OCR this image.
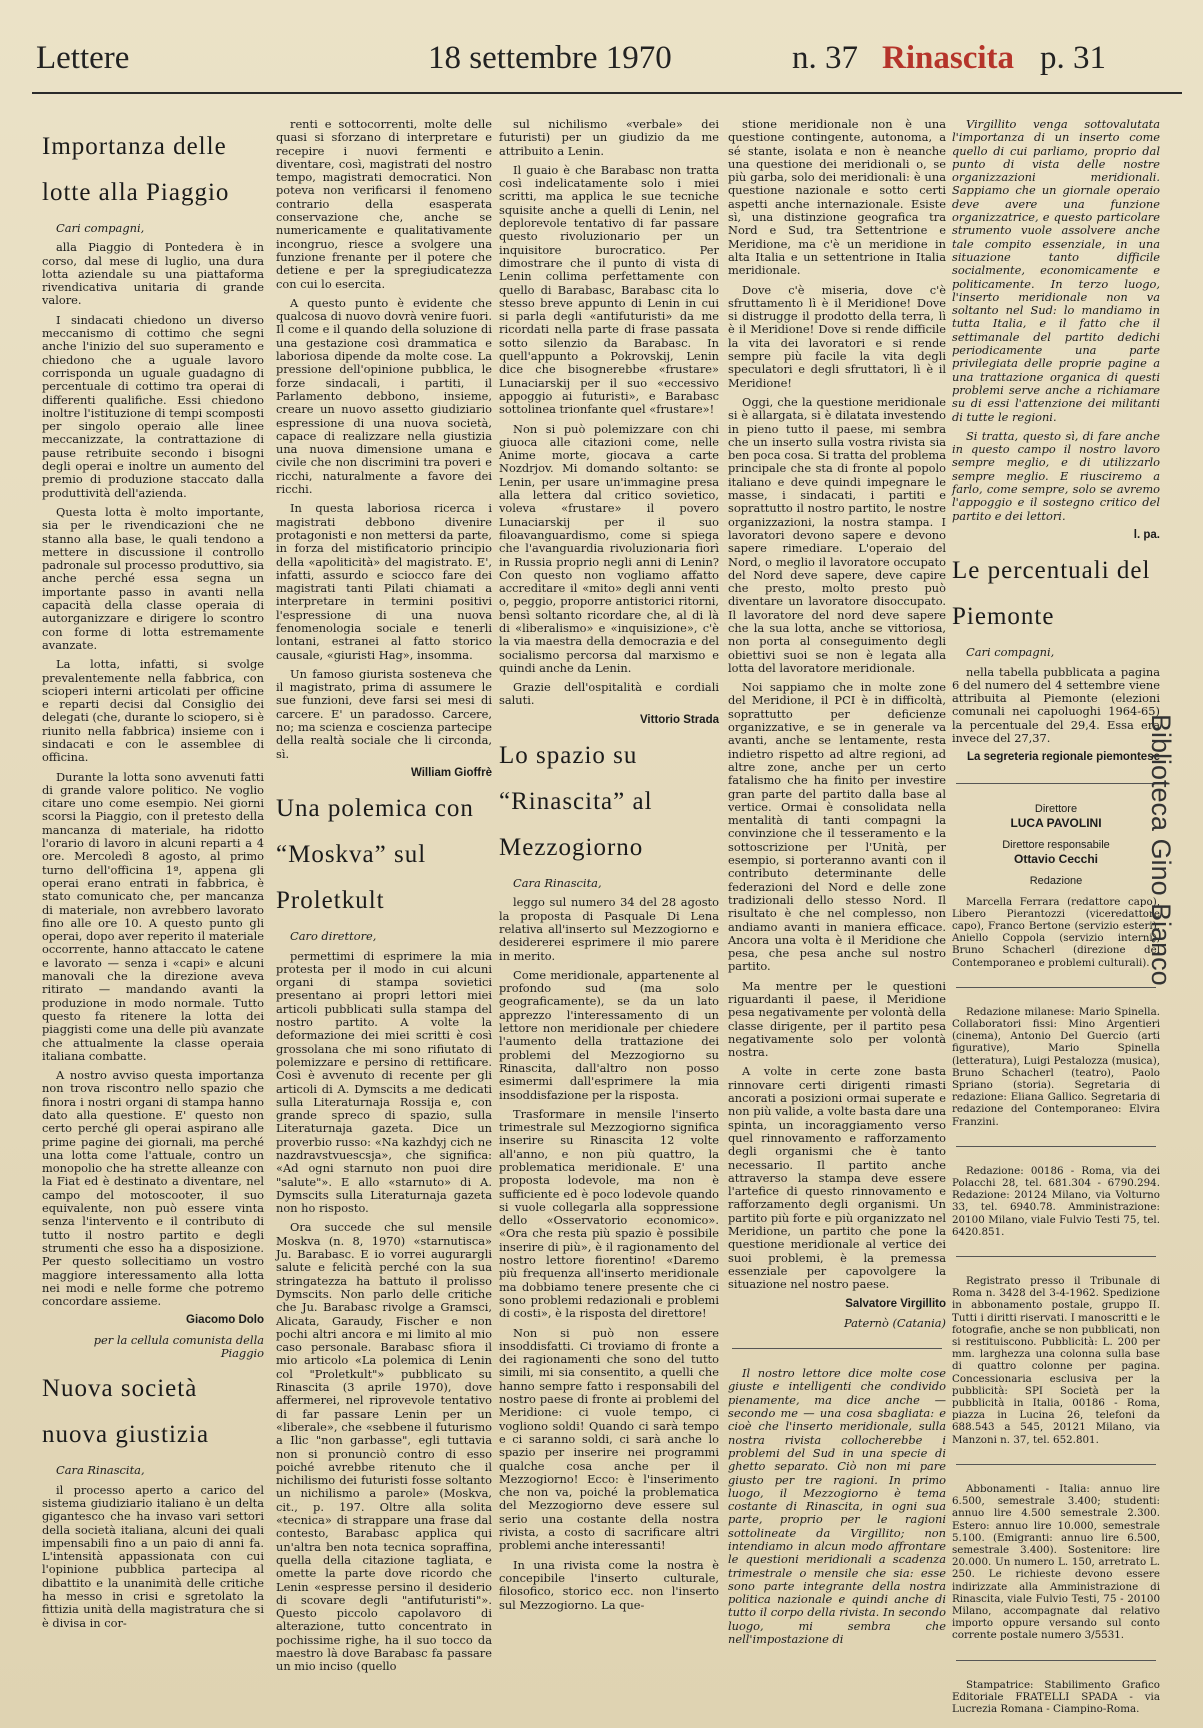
Lettere	18 settembre 1970	n. 37 Rinascita p. 31
Importanza delle lotte alla Piaggio

Cari compagni,

alla Piaggio di Pontedera è in corso, dal mese di luglio, una dura lotta aziendale su una piattaforma rivendicativa unitaria di grande valore.

I sindacati chiedono un diverso meccanismo di cottimo che segni anche l'inizio del suo superamento e chiedono che a uguale lavoro corrisponda un uguale guadagno di percentuale di cottimo tra operai di differenti qualifiche. Essi chiedono inoltre l'istituzione di tempi scomposti per singolo operaio alle linee meccanizzate, la contrattazione di pause retribuite secondo i bisogni degli operai e inoltre un aumento del premio di produzione staccato dalla produttività dell'azienda.

Questa lotta è molto importante, sia per le rivendicazioni che ne stanno alla base, le quali tendono a mettere in discussione il controllo padronale sul processo produttivo, sia anche perché essa segna un importante passo in avanti nella capacità della classe operaia di autorganizzare e dirigere lo scontro con forme di lotta estremamente avanzate.

La lotta, infatti, si svolge prevalentemente nella fabbrica, con scioperi interni articolati per officine e reparti decisi dal Consiglio dei delegati (che, durante lo sciopero, si è riunito nella fabbrica) insieme con i sindacati e con le assemblee di officina.

Durante la lotta sono avvenuti fatti di grande valore politico. Ne voglio citare uno come esempio. Nei giorni scorsi la Piaggio, con il pretesto della mancanza di materiale, ha ridotto l'orario di lavoro in alcuni reparti a 4 ore. Mercoledì 8 agosto, al primo turno dell'officina 1ª, appena gli operai erano entrati in fabbrica, è stato comunicato che, per mancanza di materiale, non avrebbero lavorato fino alle ore 10. A questo punto gli operai, dopo aver reperito il materiale occorrente, hanno attaccato le catene e lavorato — senza i «capi» e alcuni manovali che la direzione aveva ritirato — mandando avanti la produzione in modo normale. Tutto questo fa ritenere la lotta dei piaggisti come una delle più avanzate che attualmente la classe operaia italiana combatte.

A nostro avviso questa importanza non trova riscontro nello spazio che finora i nostri organi di stampa hanno dato alla questione. E' questo non certo perché gli operai aspirano alle prime pagine dei giornali, ma perché una lotta come l'attuale, contro un monopolio che ha strette alleanze con la Fiat ed è destinato a diventare, nel campo del motoscooter, il suo equivalente, non può essere vinta senza l'intervento e il contributo di tutto il nostro partito e degli strumenti che esso ha a disposizione. Per questo sollecitiamo un vostro maggiore interessamento alla lotta nei modi e nelle forme che potremo concordare assieme.

Giacomo Dolo

per la cellula comunista della Piaggio

Nuova società nuova giustizia

Cara Rinascita,

il processo aperto a carico del sistema giudiziario italiano è un delta gigantesco che ha invaso vari settori della società italiana, alcuni dei quali impensabili fino a un paio di anni fa. L'intensità appassionata con cui l'opinione pubblica partecipa al dibattito e la unanimità delle critiche ha messo in crisi e sgretolato la fittizia unità della magistratura che si è divisa in cor-

renti e sottocorrenti, molte delle quasi si sforzano di interpretare e recepire i nuovi fermenti e diventare, così, magistrati del nostro tempo, magistrati democratici. Non poteva non verificarsi il fenomeno contrario della esasperata conservazione che, anche se numericamente e qualitativamente incongruo, riesce a svolgere una funzione frenante per il potere che detiene e per la spregiudicatezza con cui lo esercita.

A questo punto è evidente che qualcosa di nuovo dovrà venire fuori. Il come e il quando della soluzione di una gestazione così drammatica e laboriosa dipende da molte cose. La pressione dell'opinione pubblica, le forze sindacali, i partiti, il Parlamento debbono, insieme, creare un nuovo assetto giudiziario espressione di una nuova società, capace di realizzare nella giustizia una nuova dimensione umana e civile che non discrimini tra poveri e ricchi, naturalmente a favore dei ricchi.

In questa laboriosa ricerca i magistrati debbono divenire protagonisti e non mettersi da parte, in forza del mistificatorio principio della «apoliticità» del magistrato. E', infatti, assurdo e sciocco fare dei magistrati tanti Pilati chiamati a interpretare in termini positivi l'espressione di una nuova fenomenologia sociale e tenerli lontani, estranei al fatto storico causale, «giuristi Hag», insomma.

Un famoso giurista sosteneva che il magistrato, prima di assumere le sue funzioni, deve farsi sei mesi di carcere. E' un paradosso. Carcere, no; ma scienza e coscienza partecipe della realtà sociale che li circonda, sì.

William Gioffrè

Una polemica con “Moskva” sul Proletkult

Caro direttore,

permettimi di esprimere la mia protesta per il modo in cui alcuni organi di stampa sovietici presentano ai propri lettori miei articoli pubblicati sulla stampa del nostro partito. A volte la deformazione dei miei scritti è così grossolana che mi sono rifiutato di polemizzare e persino di rettificare. Così è avvenuto di recente per gli articoli di A. Dymscits a me dedicati sulla Literaturnaja Rossija e, con grande spreco di spazio, sulla Literaturnaja gazeta. Dice un proverbio russo: «Na kazhdyj cich ne nazdravstvuescsja», che significa: «Ad ogni starnuto non puoi dire "salute"». E allo «starnuto» di A. Dymscits sulla Literaturnaja gazeta non ho risposto.

Ora succede che sul mensile Moskva (n. 8, 1970) «starnutisca» Ju. Barabasc. E io vorrei augurargli salute e felicità perché con la sua stringatezza ha battuto il prolisso Dymscits. Non parlo delle critiche che Ju. Barabasc rivolge a Gramsci, Alicata, Garaudy, Fischer e non pochi altri ancora e mi limito al mio caso personale. Barabasc sfiora il mio articolo «La polemica di Lenin col "Proletkult"» pubblicato su Rinascita (3 aprile 1970), dove affermerei, nel riprovevole tentativo di far passare Lenin per un «liberale», che «sebbene il futurismo a Ilic "non garbasse", egli tuttavia non si pronunciò contro di esso poiché avrebbe ritenuto che il nichilismo dei futuristi fosse soltanto un nichilismo a parole» (Moskva, cit., p. 197. Oltre alla solita «tecnica» di strappare una frase dal contesto, Barabasc applica qui un'altra ben nota tecnica sopraffina, quella della citazione tagliata, e omette la parte dove ricordo che Lenin «espresse persino il desiderio di scovare degli "antifuturisti"». Questo piccolo capolavoro di alterazione, tutto concentrato in pochissime righe, ha il suo tocco da maestro là dove Barabasc fa passare un mio inciso (quello

sul nichilismo «verbale» dei futuristi) per un giudizio da me attribuito a Lenin.

Il guaio è che Barabasc non tratta così indelicatamente solo i miei scritti, ma applica le sue tecniche squisite anche a quelli di Lenin, nel deplorevole tentativo di far passare questo rivoluzionario per un inquisitore burocratico. Per dimostrare che il punto di vista di Lenin collima perfettamente con quello di Barabasc, Barabasc cita lo stesso breve appunto di Lenin in cui si parla degli «antifuturisti» da me ricordati nella parte di frase passata sotto silenzio da Barabasc. In quell'appunto a Pokrovskij, Lenin dice che bisognerebbe «frustare» Lunaciarskij per il suo «eccessivo appoggio ai futuristi», e Barabasc sottolinea trionfante quel «frustare»!

Non si può polemizzare con chi giuoca alle citazioni come, nelle Anime morte, giocava a carte Nozdrjov. Mi domando soltanto: se Lenin, per usare un'immagine presa alla lettera dal critico sovietico, voleva «frustare» il povero Lunaciarskij per il suo filoavanguardismo, come si spiega che l'avanguardia rivoluzionaria fiorì in Russia proprio negli anni di Lenin? Con questo non vogliamo affatto accreditare il «mito» degli anni venti o, peggio, proporre antistorici ritorni, bensì soltanto ricordare che, al di là di «liberalismo» e «inquisizione», c'è la via maestra della democrazia e del socialismo percorsa dal marxismo e quindi anche da Lenin.

Grazie dell'ospitalità e cordiali saluti.

Vittorio Strada

Lo spazio su “Rinascita” al Mezzogiorno

Cara Rinascita,

leggo sul numero 34 del 28 agosto la proposta di Pasquale Di Lena relativa all'inserto sul Mezzogiorno e desidererei esprimere il mio parere in merito.

Come meridionale, appartenente al profondo sud (ma solo geograficamente), se da un lato apprezzo l'interessamento di un lettore non meridionale per chiedere l'aumento della trattazione dei problemi del Mezzogiorno su Rinascita, dall'altro non posso esimermi dall'esprimere la mia insoddisfazione per la risposta.

Trasformare in mensile l'inserto trimestrale sul Mezzogiorno significa inserire su Rinascita 12 volte all'anno, e non più quattro, la problematica meridionale. E' una proposta lodevole, ma non è sufficiente ed è poco lodevole quando si vuole collegarla alla soppressione dello «Osservatorio economico». «Ora che resta più spazio è possibile inserire di più», è il ragionamento del nostro lettore fiorentino! «Daremo più frequenza all'inserto meridionale ma dobbiamo tenere presente che ci sono problemi redazionali e problemi di costi», è la risposta del direttore!

Non si può non essere insoddisfatti. Ci troviamo di fronte a dei ragionamenti che sono del tutto simili, mi sia consentito, a quelli che hanno sempre fatto i responsabili del nostro paese di fronte ai problemi del Meridione: ci vuole tempo, ci vogliono soldi! Quando ci sarà tempo e ci saranno soldi, ci sarà anche lo spazio per inserire nei programmi qualche cosa anche per il Mezzogiorno! Ecco: è l'inserimento che non va, poiché la problematica del Mezzogiorno deve essere sul serio una costante della nostra rivista, a costo di sacrificare altri problemi anche interessanti!

In una rivista come la nostra è concepibile l'inserto culturale, filosofico, storico ecc. non l'inserto sul Mezzogiorno. La que-

stione meridionale non è una questione contingente, autonoma, a sé stante, isolata e non è neanche una questione dei meridionali o, se più garba, solo dei meridionali: è una questione nazionale e sotto certi aspetti anche internazionale. Esiste sì, una distinzione geografica tra Nord e Sud, tra Settentrione e Meridione, ma c'è un meridione in alta Italia e un settentrione in Italia meridionale.

Dove c'è miseria, dove c'è sfruttamento lì è il Meridione! Dove si distrugge il prodotto della terra, lì è il Meridione! Dove si rende difficile la vita dei lavoratori e si rende sempre più facile la vita degli speculatori e degli sfruttatori, lì è il Meridione!

Oggi, che la questione meridionale si è allargata, si è dilatata investendo in pieno tutto il paese, mi sembra che un inserto sulla vostra rivista sia ben poca cosa. Si tratta del problema principale che sta di fronte al popolo italiano e deve quindi impegnare le masse, i sindacati, i partiti e soprattutto il nostro partito, le nostre organizzazioni, la nostra stampa. I lavoratori devono sapere e devono sapere rimediare. L'operaio del Nord, o meglio il lavoratore occupato del Nord deve sapere, deve capire che presto, molto presto può diventare un lavoratore disoccupato. Il lavoratore del nord deve sapere che la sua lotta, anche se vittoriosa, non porta al conseguimento degli obiettivi suoi se non è legata alla lotta del lavoratore meridionale.

Noi sappiamo che in molte zone del Meridione, il PCI è in difficoltà, soprattutto per deficienze organizzative, e se in generale va avanti, anche se lentamente, resta indietro rispetto ad altre regioni, ad altre zone, anche per un certo fatalismo che ha finito per investire gran parte del partito dalla base al vertice. Ormai è consolidata nella mentalità di tanti compagni la convinzione che il tesseramento e la sottoscrizione per l'Unità, per esempio, si porteranno avanti con il contributo determinante delle federazioni del Nord e delle zone tradizionali dello stesso Nord. Il risultato è che nel complesso, non andiamo avanti in maniera efficace. Ancora una volta è il Meridione che pesa, che pesa anche sul nostro partito.

Ma mentre per le questioni riguardanti il paese, il Meridione pesa negativamente per volontà della classe dirigente, per il partito pesa negativamente solo per volontà nostra.

A volte in certe zone basta rinnovare certi dirigenti rimasti ancorati a posizioni ormai superate e non più valide, a volte basta dare una spinta, un incoraggiamento verso quel rinnovamento e rafforzamento degli organismi che è tanto necessario. Il partito anche attraverso la stampa deve essere l'artefice di questo rinnovamento e rafforzamento degli organismi. Un partito più forte e più organizzato nel Meridione, un partito che pone la questione meridionale al vertice dei suoi problemi, è la premessa essenziale per capovolgere la situazione nel nostro paese.

Salvatore Virgillito

Paternò (Catania)

Il nostro lettore dice molte cose giuste e intelligenti che condivido pienamente, ma dice anche — secondo me — una cosa sbagliata: e cioè che l'inserto meridionale, sulla nostra rivista collocherebbe i problemi del Sud in una specie di ghetto separato. Ciò non mi pare giusto per tre ragioni. In primo luogo, il Mezzogiorno è tema costante di Rinascita, in ogni sua parte, proprio per le ragioni sottolineate da Virgillito; non intendiamo in alcun modo affrontare le questioni meridionali a scadenza trimestrale o mensile che sia: esse sono parte integrante della nostra politica nazionale e quindi anche di tutto il corpo della rivista. In secondo luogo, mi sembra che nell'impostazione di

Virgillito venga sottovalutata l'importanza di un inserto come quello di cui parliamo, proprio dal punto di vista delle nostre organizzazioni meridionali. Sappiamo che un giornale operaio deve avere una funzione organizzatrice, e questo particolare strumento vuole assolvere anche tale compito essenziale, in una situazione tanto difficile socialmente, economicamente e politicamente. In terzo luogo, l'inserto meridionale non va soltanto nel Sud: lo mandiamo in tutta Italia, e il fatto che il settimanale del partito dedichi periodicamente una parte privilegiata delle proprie pagine a una trattazione organica di questi problemi serve anche a richiamare su di essi l'attenzione dei militanti di tutte le regioni.

Si tratta, questo sì, di fare anche in questo campo il nostro lavoro sempre meglio, e di utilizzarlo sempre meglio. E riusciremo a farlo, come sempre, solo se avremo l'appoggio e il sostegno critico del partito e dei lettori.

l. pa.

Le percentuali del Piemonte

Cari compagni,

nella tabella pubblicata a pagina 6 del numero del 4 settembre viene attribuita al Piemonte (elezioni comunali nei capoluoghi 1964-65) la percentuale del 29,4. Essa era invece del 27,37.

La segreteria regionale piemontese

Direttore
LUCA PAVOLINI
Direttore responsabile
Ottavio Cecchi
Redazione

Marcella Ferrara (redattore capo), Libero Pierantozzi (viceredattore capo), Franco Bertone (servizio esteri), Aniello Coppola (servizio interni), Bruno Schacherl (direzione del Contemporaneo e problemi culturali).

Redazione milanese: Mario Spinella. Collaboratori fissi: Mino Argentieri (cinema), Antonio Del Guercio (arti figurative), Mario Spinella (letteratura), Luigi Pestalozza (musica), Bruno Schacherl (teatro), Paolo Spriano (storia). Segretaria di redazione: Eliana Gallico. Segretaria di redazione del Contemporaneo: Elvira Franzini.

Redazione: 00186 - Roma, via dei Polacchi 28, tel. 681.304 - 6790.294. Redazione: 20124 Milano, via Volturno 33, tel. 6940.78. Amministrazione: 20100 Milano, viale Fulvio Testi 75, tel. 6420.851.

Registrato presso il Tribunale di Roma n. 3428 del 3-4-1962. Spedizione in abbonamento postale, gruppo II. Tutti i diritti riservati. I manoscritti e le fotografie, anche se non pubblicati, non si restituiscono. Pubblicità: L. 200 per mm. larghezza una colonna sulla base di quattro colonne per pagina. Concessionaria esclusiva per la pubblicità: SPI Società per la pubblicità in Italia, 00186 - Roma, piazza in Lucina 26, telefoni da 688.543 a 545, 20121 Milano, via Manzoni n. 37, tel. 652.801.

Abbonamenti - Italia: annuo lire 6.500, semestrale 3.400; studenti: annuo lire 4.500 semestrale 2.300. Estero: annuo lire 10.000, semestrale 5.100. (Emigranti: annuo lire 6.500, semestrale 3.400). Sostenitore: lire 20.000. Un numero L. 150, arretrato L. 250. Le richieste devono essere indirizzate alla Amministrazione di Rinascita, viale Fulvio Testi, 75 - 20100 Milano, accompagnate dal relativo importo oppure versando sul conto corrente postale numero 3/5531.

Stampatrice: Stabilimento Grafico Editoriale FRATELLI SPADA - via Lucrezia Romana - Ciampino-Roma.

Biblioteca Gino Bianco
